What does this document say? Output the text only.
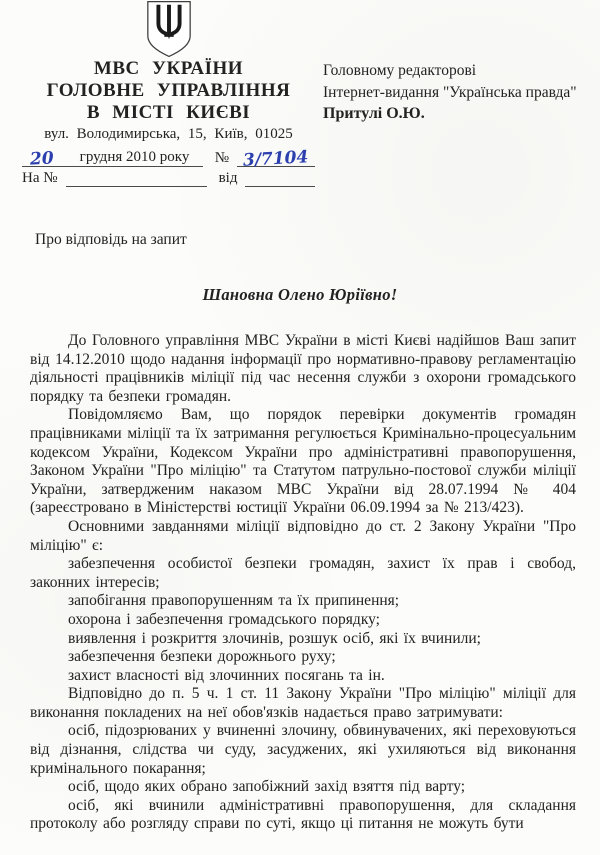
МВС УКРАЇНИ
ГОЛОВНЕ УПРАВЛІННЯ
В МІСТІ КИЄВІ
вул. Володимирська, 15, Київ, 01025
20 грудня 2010 року № 3/7104
На №	від
Головному редакторові
Інтернет-видання "Українська правда"
Притулі О.Ю.
Про відповідь на запит
Шановна Олено Юріївно!

До Головного управління МВС України в місті Києві надійшов Ваш запит від 14.12.2010 щодо надання інформації про нормативно-правову регламентацію діяльності працівників міліції під час несення служби з охорони громадського порядку та безпеки громадян.

Повідомляємо Вам, що порядок перевірки документів громадян працівниками міліції та їх затримання регулюється Кримінально-процесуальним кодексом України, Кодексом України про адміністративні правопорушення, Законом України "Про міліцію" та Статутом патрульно-постової служби міліції України, затвердженим наказом МВС України від 28.07.1994 № 404 (зареєстровано в Міністерстві юстиції України 06.09.1994 за № 213/423).

Основними завданнями міліції відповідно до ст. 2 Закону України "Про міліцію" є:

забезпечення особистої безпеки громадян, захист їх прав і свобод, законних інтересів;

запобігання правопорушенням та їх припинення;

охорона і забезпечення громадського порядку;

виявлення і розкриття злочинів, розшук осіб, які їх вчинили;

забезпечення безпеки дорожнього руху;

захист власності від злочинних посягань та ін.

Відповідно до п. 5 ч. 1 ст. 11 Закону України "Про міліцію" міліції для виконання покладених на неї обов'язків надається право затримувати:

осіб, підозрюваних у вчиненні злочину, обвинувачених, які переховуються від дізнання, слідства чи суду, засуджених, які ухиляються від виконання кримінального покарання;

осіб, щодо яких обрано запобіжний захід взяття під варту;

осіб, які вчинили адміністративні правопорушення, для складання протоколу або розгляду справи по суті, якщо ці питання не можуть бути
